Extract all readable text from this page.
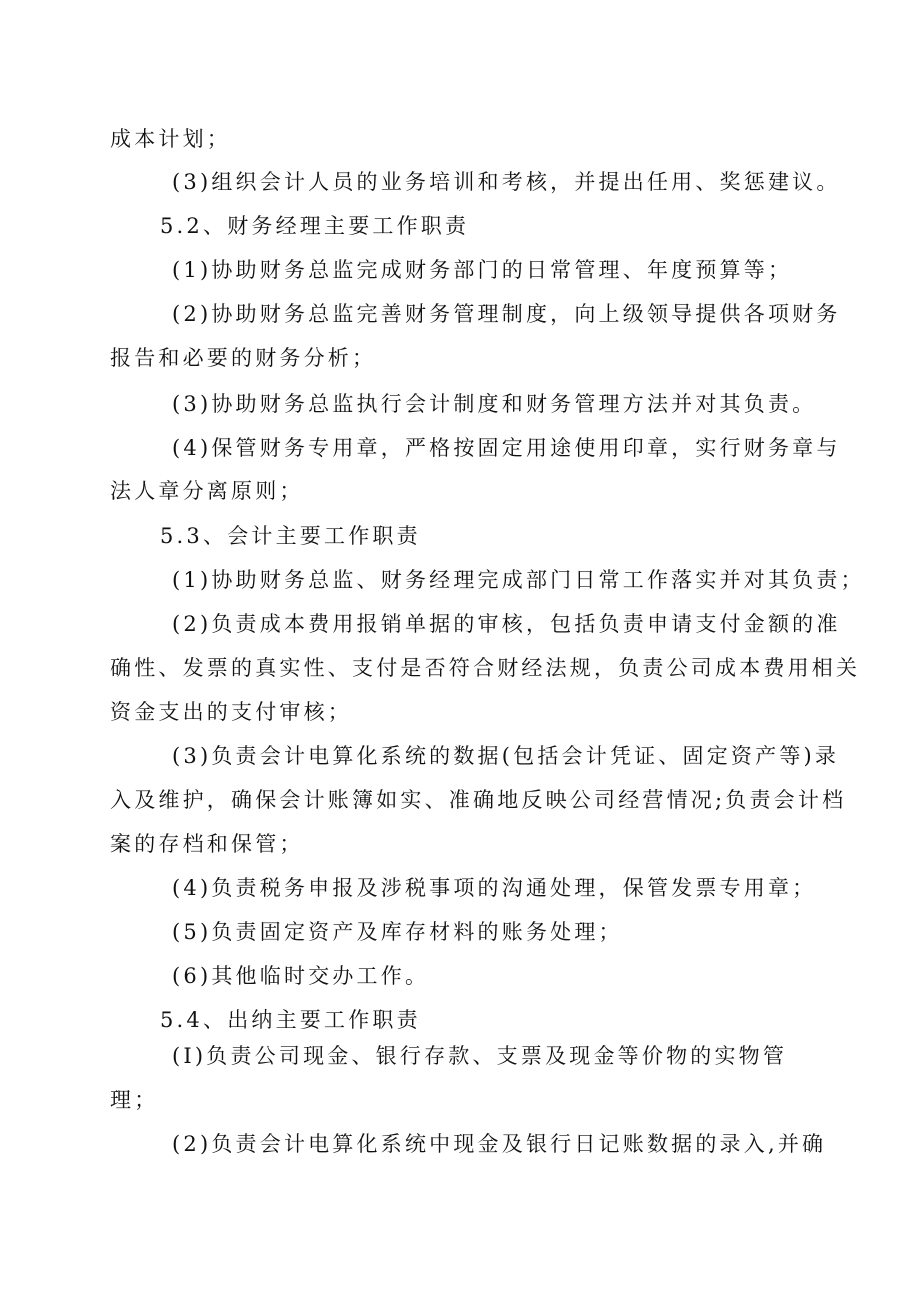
成本计划；
(3)组织会计人员的业务培训和考核，并提出任用、奖惩建议。
5.2、财务经理主要工作职责
(1)协助财务总监完成财务部门的日常管理、年度预算等；
(2)协助财务总监完善财务管理制度，向上级领导提供各项财务
报告和必要的财务分析；
(3)协助财务总监执行会计制度和财务管理方法并对其负责。
(4)保管财务专用章，严格按固定用途使用印章，实行财务章与
法人章分离原则；
5.3、会计主要工作职责
(1)协助财务总监、财务经理完成部门日常工作落实并对其负责；
(2)负责成本费用报销单据的审核，包括负责申请支付金额的准
确性、发票的真实性、支付是否符合财经法规，负责公司成本费用相关
资金支出的支付审核；
(3)负责会计电算化系统的数据(包括会计凭证、固定资产等)录
入及维护，确保会计账簿如实、准确地反映公司经营情况;负责会计档
案的存档和保管；
(4)负责税务申报及涉税事项的沟通处理，保管发票专用章；
(5)负责固定资产及库存材料的账务处理；
(6)其他临时交办工作。
5.4、出纳主要工作职责
(I)负责公司现金、银行存款、支票及现金等价物的实物管
理；
(2)负责会计电算化系统中现金及银行日记账数据的录入,并确
